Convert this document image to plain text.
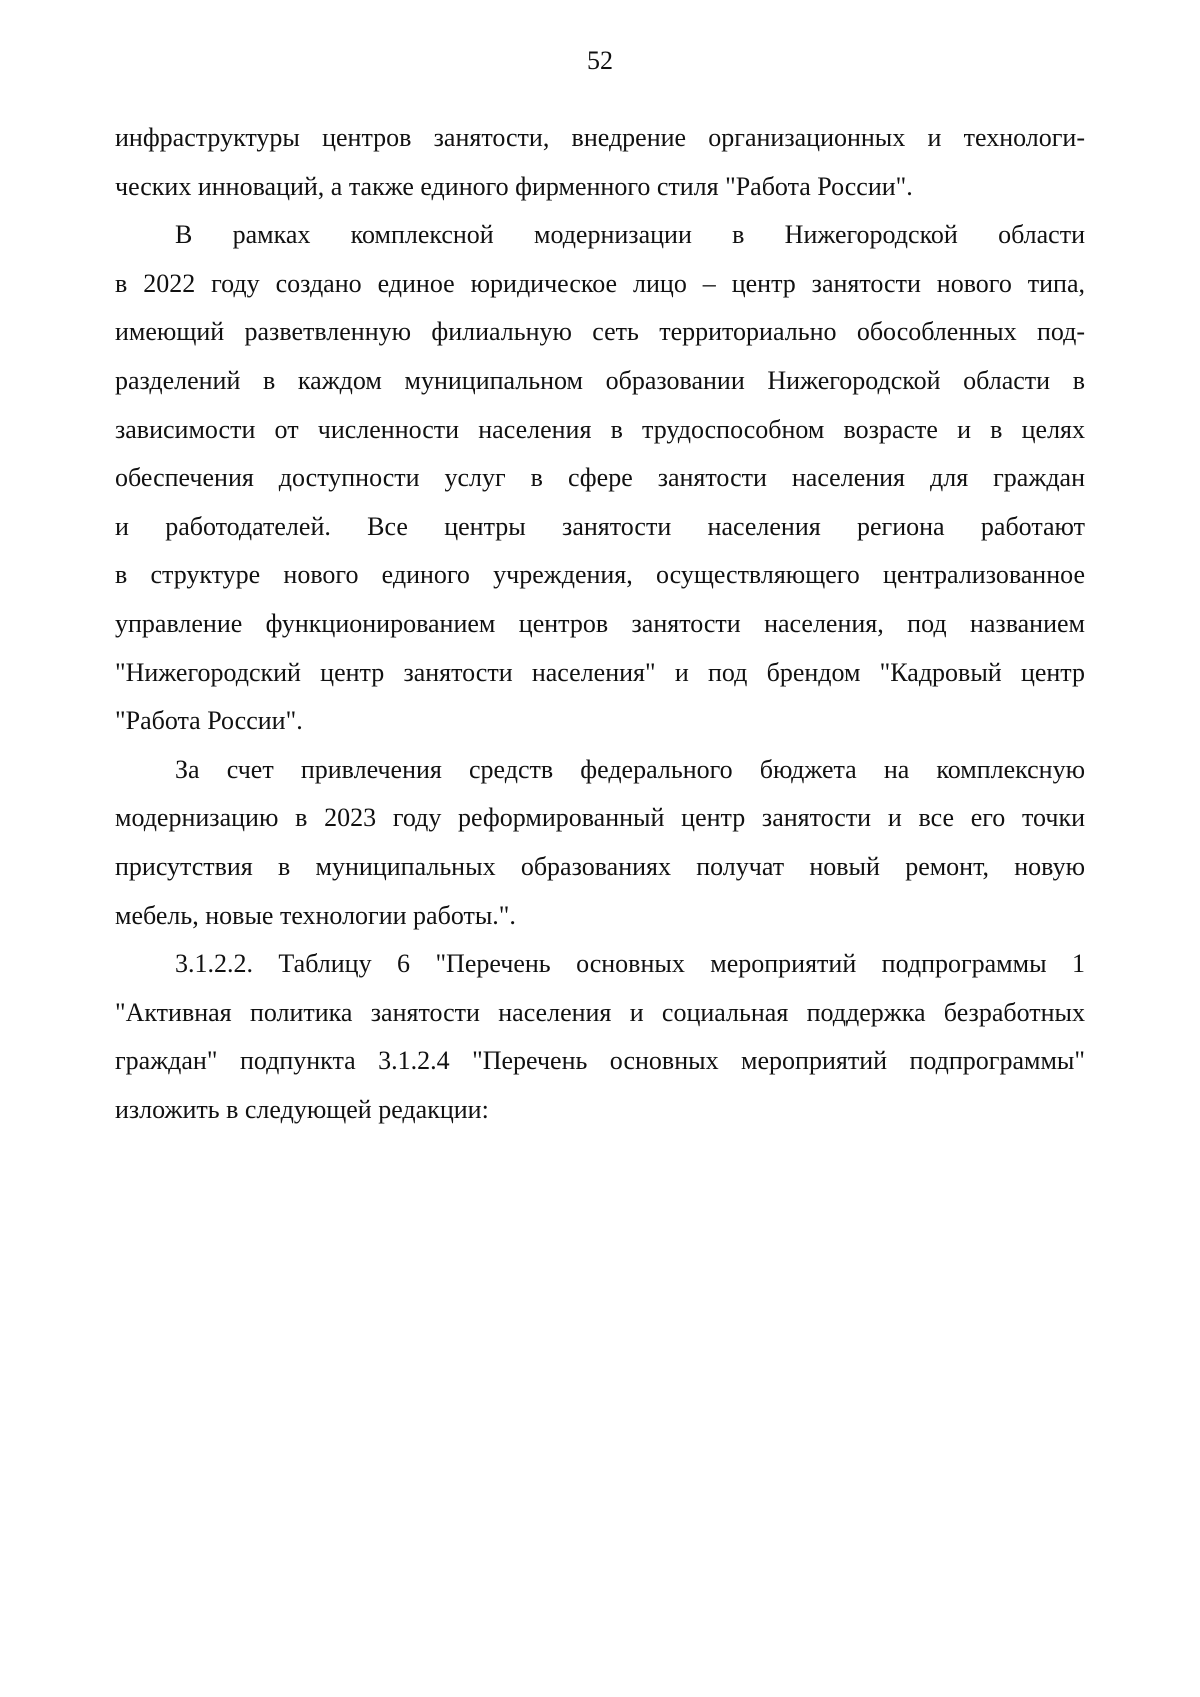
52
инфраструктуры центров занятости, внедрение организационных и технологи-
ческих инноваций, а также единого фирменного стиля "Работа России".
В рамках комплексной модернизации в Нижегородской области
в 2022 году создано единое юридическое лицо – центр занятости нового типа,
имеющий разветвленную филиальную сеть территориально обособленных под-
разделений в каждом муниципальном образовании Нижегородской области в
зависимости от численности населения в трудоспособном возрасте и в целях
обеспечения доступности услуг в сфере занятости населения для граждан
и работодателей. Все центры занятости населения региона работают
в структуре нового единого учреждения, осуществляющего централизованное
управление функционированием центров занятости населения, под названием
"Нижегородский центр занятости населения" и под брендом "Кадровый центр
"Работа России".
За счет привлечения средств федерального бюджета на комплексную
модернизацию в 2023 году реформированный центр занятости и все его точки
присутствия в муниципальных образованиях получат новый ремонт, новую
мебель, новые технологии работы.".
3.1.2.2. Таблицу 6 "Перечень основных мероприятий подпрограммы 1
"Активная политика занятости населения и социальная поддержка безработных
граждан" подпункта 3.1.2.4 "Перечень основных мероприятий подпрограммы"
изложить в следующей редакции:
